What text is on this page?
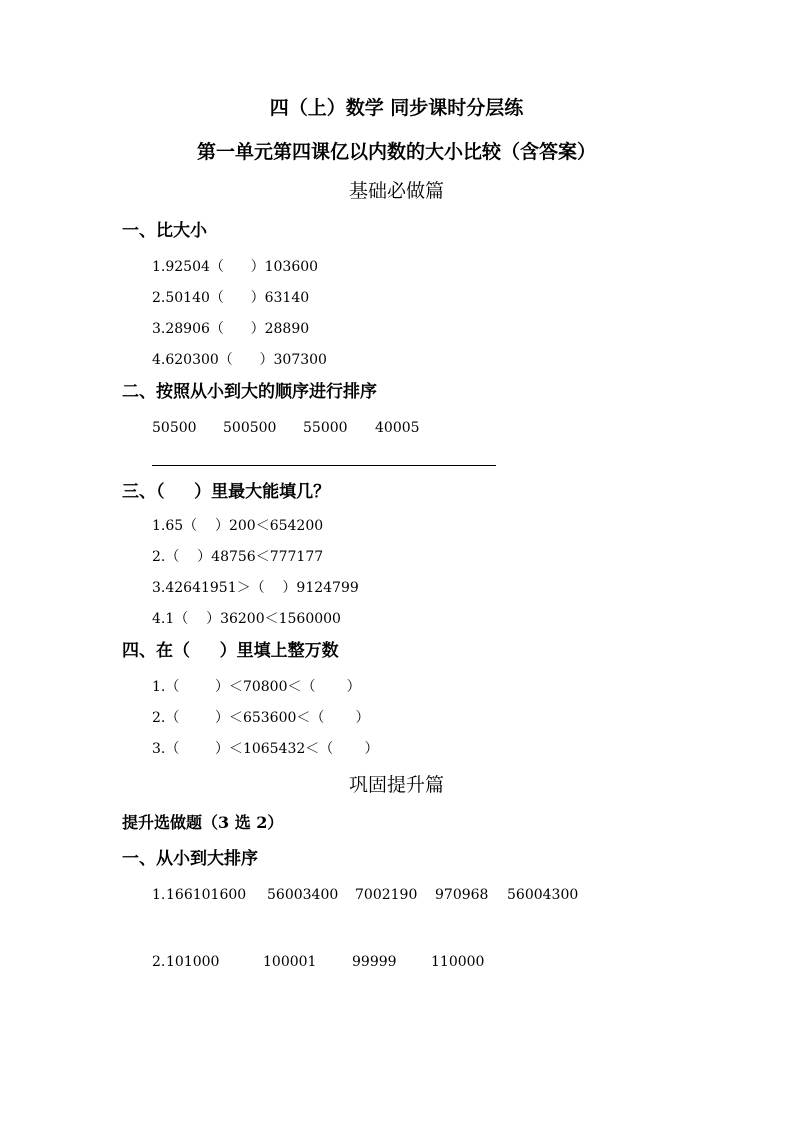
四（上）数学 同步课时分层练
第一单元第四课亿以内数的大小比较（含答案）
基础必做篇
一、比大小
1.92504（      ）103600
2.50140（      ）63140
3.28906（      ）28890
4.620300（      ）307300
二、按照从小到大的顺序进行排序
50500 500500 55000 40005
三、（     ）里最大能填几？
1.65（    ）200＜654200
2.（    ）48756＜777177
3.42641951＞（    ）9124799
4.1（    ）36200＜1560000
四、在（     ）里填上整万数
1.（        ）＜70800＜（       ）
2.（        ）＜653600＜（       ）
3.（        ）＜1065432＜（       ）
巩固提升篇
提升选做题（3 选 2）
一、从小到大排序
1. 166101600 56003400 7002190 970968 56004300
2. 101000	100001	99999 110000
